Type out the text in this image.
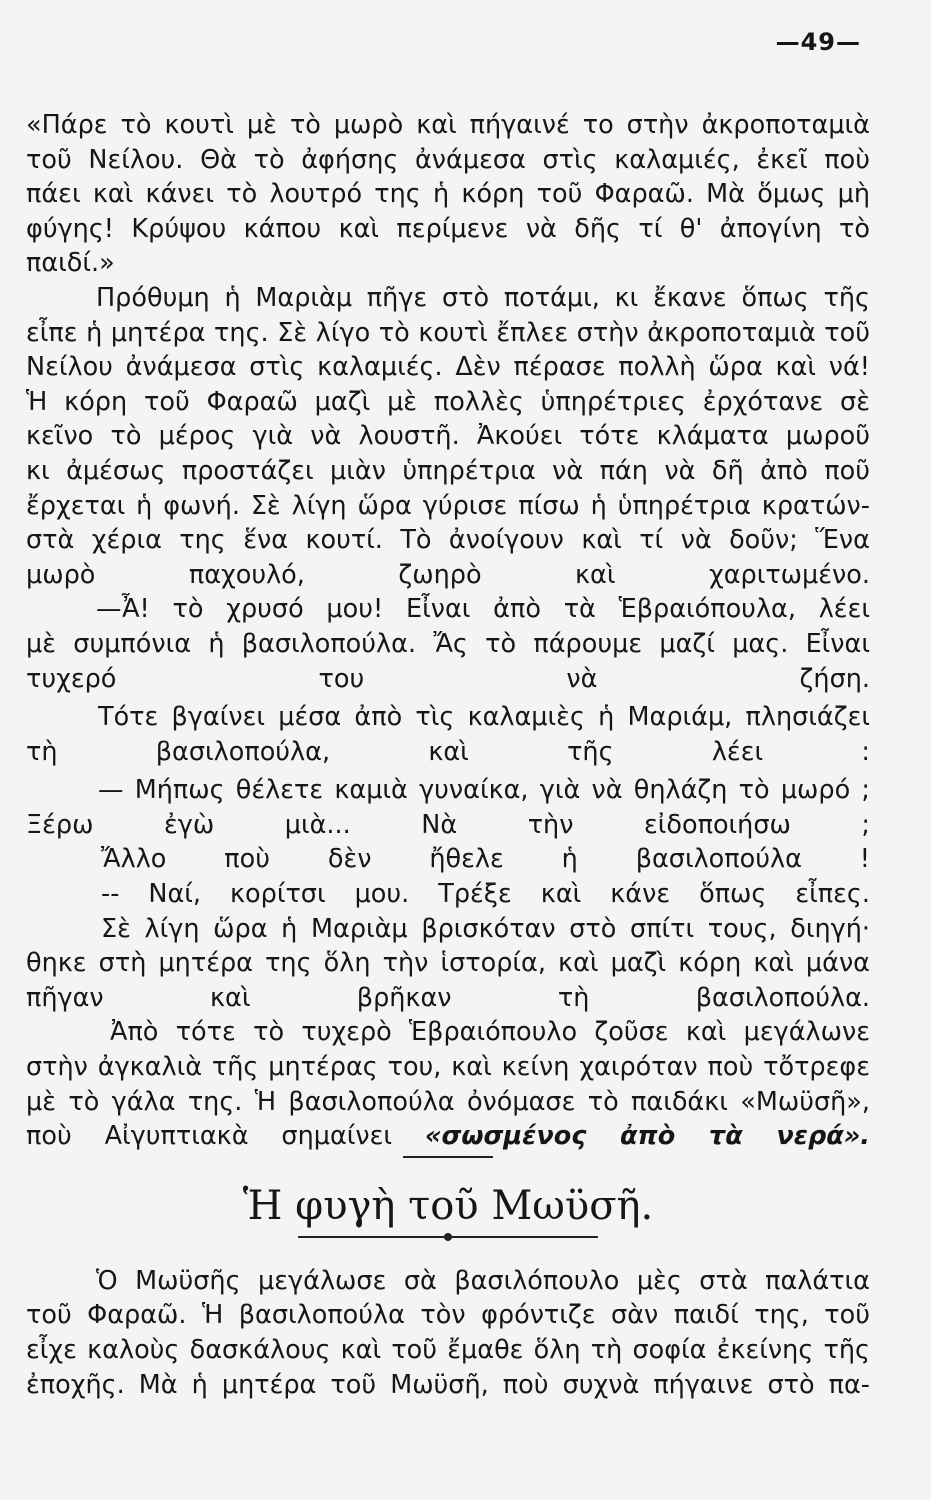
—49—
«Πάρε τὸ κουτὶ μὲ τὸ μωρὸ καὶ πήγαινέ το στὴν ἀκροποταμιὰ
τοῦ Νείλου. Θὰ τὸ ἀφήσης ἀνάμεσα στὶς καλαμιές, ἐκεῖ ποὺ
πάει καὶ κάνει τὸ λουτρό της ἡ κόρη τοῦ Φαραῶ. Μὰ ὅμως μὴ
φύγης! Κρύψου κάπου καὶ περίμενε νὰ δῆς τί θ' ἀπογίνη τὸ
παιδί.»
Πρόθυμη ἡ Μαριὰμ πῆγε στὸ ποτάμι, κι ἔκανε ὅπως τῆς
εἶπε ἡ μητέρα της. Σὲ λίγο τὸ κουτὶ ἔπλεε στὴν ἀκροποταμιὰ τοῦ
Νείλου ἀνάμεσα στὶς καλαμιές. Δὲν πέρασε πολλὴ ὥρα καὶ νά!
Ἡ κόρη τοῦ Φαραῶ μαζὶ μὲ πολλὲς ὑπηρέτριες ἐρχότανε σὲ
κεῖνο τὸ μέρος γιὰ νὰ λουστῆ. Ἀκούει τότε κλάματα μωροῦ
κι ἀμέσως προστάζει μιὰν ὑπηρέτρια νὰ πάη νὰ δῆ ἀπὸ ποῦ
ἔρχεται ἡ φωνή. Σὲ λίγη ὥρα γύρισε πίσω ἡ ὑπηρέτρια κρατών-
στὰ χέρια της ἕνα κουτί. Τὸ ἀνοίγουν καὶ τί νὰ δοῦν; Ἕνα
μωρὸ παχουλό, ζωηρὸ καὶ χαριτωμένο.
—Ἆ! τὸ χρυσό μου! Εἶναι ἀπὸ τὰ Ἑβραιόπουλα, λέει
μὲ συμπόνια ἡ βασιλοπούλα. Ἄς τὸ πάρουμε μαζί μας. Εἶναι
τυχερό του νὰ ζήση.
Τότε βγαίνει μέσα ἀπὸ τὶς καλαμιὲς ἡ Μαριάμ, πλησιάζει
τὴ βασιλοπούλα, καὶ τῆς λέει :
— Μήπως θέλετε καμιὰ γυναίκα, γιὰ νὰ θηλάζη τὸ μωρό ;
Ξέρω ἐγὼ μιὰ... Νὰ τὴν εἰδοποιήσω ;
Ἄλλο ποὺ δὲν ἤθελε ἡ βασιλοπούλα !
-- Ναί, κορίτσι μου. Τρέξε καὶ κάνε ὅπως εἶπες.
Σὲ λίγη ὥρα ἡ Μαριὰμ βρισκόταν στὸ σπίτι τους, διηγή·
θηκε στὴ μητέρα της ὅλη τὴν ἱστορία, καὶ μαζὶ κόρη καὶ μάνα
πῆγαν καὶ βρῆκαν τὴ βασιλοπούλα.
Ἀπὸ τότε τὸ τυχερὸ Ἑβραιόπουλο ζοῦσε καὶ μεγάλωνε
στὴν ἀγκαλιὰ τῆς μητέρας του, καὶ κείνη χαιρόταν ποὺ τὄτρεφε
μὲ τὸ γάλα της. Ἡ βασιλοπούλα ὀνόμασε τὸ παιδάκι «Μωϋσῆ»,
ποὺ Αἰγυπτιακὰ σημαίνει «σωσμένος ἀπὸ τὰ νερά».
Ἡ φυγὴ τοῦ Μωϋσῆ.
Ὁ Μωϋσῆς μεγάλωσε σὰ βασιλόπουλο μὲς στὰ παλάτια
τοῦ Φαραῶ. Ἡ βασιλοπούλα τὸν φρόντιζε σὰν παιδί της, τοῦ
εἶχε καλοὺς δασκάλους καὶ τοῦ ἔμαθε ὅλη τὴ σοφία ἐκείνης τῆς
ἐποχῆς. Μὰ ἡ μητέρα τοῦ Μωϋσῆ, ποὺ συχνὰ πήγαινε στὸ πα-
